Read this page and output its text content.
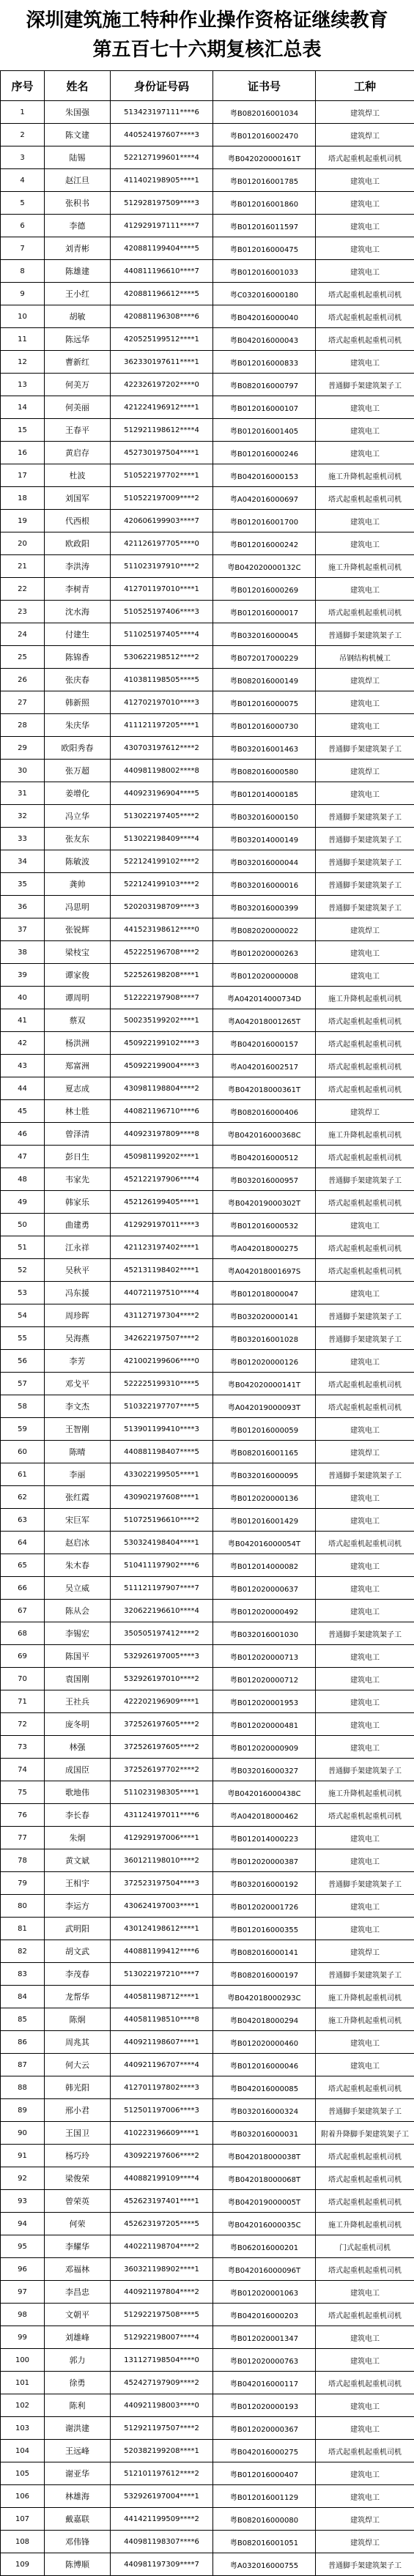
深圳建筑施工特种作业操作资格证继续教育
第五百七十六期复核汇总表
序号	姓名	身份证号码	证书号	工种
1	朱国强	513423197111****6	粤B082016001034	建筑焊工
2	陈文建	440524197607****3	粤B012016002470	建筑焊工
3	陆锡	522127199601****4	粤B042020000161T	塔式起重机起重机司机
4	赵江旦	411402198905****1	粤B012016001785	建筑电工
5	张积书	512928197509****3	粤B012016001860	建筑电工
6	李德	412929197111****7	粤B012016011597	建筑电工
7	刘青彬	420881199404****5	粤B012016000475	建筑电工
8	陈雄建	440811196610****7	粤B012016001033	建筑电工
9	王小红	420881196612****5	粤C032016000180	塔式起重机起重机司机
10	胡敏	420881196308****6	粤B042016000040	塔式起重机起重机司机
11	陈远华	420525199512****1	粤B042016000043	塔式起重机起重机司机
12	曹新红	362330197611****1	粤B012016000833	建筑电工
13	何美万	422326197202****0	粤B082016000797	普通脚手架建筑架子工
14	何美丽	421224196912****1	粤B012016000107	建筑电工
15	王春平	512921198612****4	粤B012016001405	建筑电工
16	黄启存	452730197504****1	粤B012016000246	建筑电工
17	杜波	510522197702****1	粤B042016000153	施工升降机起重机司机
18	刘国军	510522197009****2	粤A042016000697	塔式起重机起重机司机
19	代西根	420606199903****7	粤B012016001700	建筑电工
20	欧政阳	421126197705****0	粤B012016000242	建筑电工
21	李洪涛	511023197910****2	粤B042020000132C	施工升降机起重机司机
22	李树青	412701197010****1	粤B012016000269	建筑电工
23	沈水海	510525197406****3	粤B012016000017	塔式起重机起重机司机
24	付建生	511025197405****4	粤B032016000045	普通脚手架建筑架子工
25	陈锦香	530622198512****2	粤B072017000229	吊钢结构机械工
26	张庆春	410381198505****5	粤B082016000149	建筑焊工
27	韩新照	412702197010****3	粤B012016000075	建筑电工
28	朱庆华	411121197205****1	粤B012016000730	建筑电工
29	欧阳秀春	430703197612****2	粤B032016001463	普通脚手架建筑架子工
30	张万超	440981198002****8	粤B082016000580	建筑焊工
31	姜增化	440923196904****5	粤B012014000185	建筑电工
32	冯立华	513022197405****2	粤B032016000150	普通脚手架建筑架子工
33	张友东	513022198409****4	粤B032014000149	普通脚手架建筑架子工
34	陈敏波	522124199102****2	粤B032016000044	普通脚手架建筑架子工
35	龚帅	522124199103****2	粤B032016000016	普通脚手架建筑架子工
36	冯思明	520203198709****3	粤B032016000399	普通脚手架建筑架子工
37	张锐辉	441523198612****0	粤B082020000022	建筑焊工
38	梁枝宝	452225196708****2	粤B012020000263	建筑电工
39	谭家俊	522526198208****1	粤B012020000008	建筑电工
40	谭周明	512222197908****7	粤A042014000734D	施工升降机起重机司机
41	蔡双	500235199202****1	粤A042018001265T	塔式起重机起重机司机
42	杨洪洲	450922199102****3	粤B042016000157	塔式起重机起重机司机
43	郑富洲	450922199004****3	粤A042016002517	塔式起重机起重机司机
44	夏志成	430981198804****2	粤B042018000361T	塔式起重机起重机司机
45	林士胜	440821196710****6	粤B082016000406	建筑焊工
46	曾泽清	440923197809****8	粤B042016000368C	施工升降机起重机司机
47	彭日生	450981199202****1	粤B042016000512	塔式起重机起重机司机
48	韦家先	452122197906****4	粤B032016000957	普通脚手架建筑架子工
49	韩家乐	452126199405****1	粤B042019000302T	塔式起重机起重机司机
50	曲建勇	412929197011****3	粤B012016000532	建筑电工
51	江永祥	421123197402****1	粤A042018000275	塔式起重机起重机司机
52	吴秋平	452131198402****1	粤A042018001697S	塔式起重机起重机司机
53	冯东援	440721197510****4	粤B012018000047	建筑电工
54	周珍晖	431127197304****2	粤B032020000141	普通脚手架建筑架子工
55	吴海燕	342622197507****2	粤B032016001028	普通脚手架建筑架子工
56	李芳	421002199606****0	粤B012020000126	建筑电工
57	邓戈平	522225199310****5	粤B042020000141T	塔式起重机起重机司机
58	李文杰	510322197707****5	粤A042019000093T	塔式起重机起重机司机
59	王智刚	513901199410****3	粤B012016000059	建筑电工
60	陈晴	440881198407****5	粤B082016001165	建筑焊工
61	李丽	433022199505****1	粤B032016000095	普通脚手架建筑架子工
62	张红霞	430902197608****1	粤B012020000136	建筑电工
63	宋巨军	510725196610****2	粤B012016001429	建筑电工
64	赵启冰	530324198404****1	粤B042016000054T	塔式起重机起重机司机
65	朱木春	510411197902****6	粤B012014000082	建筑电工
66	吴立威	511121197907****7	粤B012020000637	建筑电工
67	陈从会	320622196610****4	粤B012020000492	建筑电工
68	李锡宏	350505197412****2	粤B032016001030	普通脚手架建筑架子工
69	陈国平	532926197005****3	粤B012020000713	建筑电工
70	袁国刚	532926197010****2	粤B012020000712	建筑电工
71	王社兵	422202196909****1	粤B012020001953	建筑电工
72	庞冬明	372526197605****2	粤B012020000481	建筑电工
73	林强	372526197605****2	粤B012020000909	建筑电工
74	成国臣	372526197702****2	粤B032016000327	普通脚手架建筑架子工
75	歌地伟	511023198305****1	粤B042016000438C	施工升降机起重机司机
76	李长春	431124197011****6	粤A042018000462	塔式起重机起重机司机
77	朱炯	412929197006****1	粤B012014000223	建筑电工
78	黄文斌	360121198010****2	粤B012020000387	建筑电工
79	王相宇	372523197504****3	粤B032016000192	普通脚手架建筑架子工
80	李运方	430624197003****1	粤B012020001726	建筑电工
81	武明阳	430124198612****1	粤B012016000355	建筑电工
82	胡文武	440881199412****6	粤B082016000141	建筑焊工
83	李茂春	513022197210****7	粤B082016000197	普通脚手架建筑架子工
84	龙帮华	440581198712****1	粤B042018000293C	施工升降机起重机司机
85	陈炯	440581198510****8	粤B042018000294	施工升降机起重机司机
86	周兆其	440921198607****1	粤B012020000460	建筑电工
87	何大云	440921196707****4	粤B012016000046	建筑电工
88	韩光阳	412701197802****3	粤B042016000085	塔式起重机起重机司机
89	邢小君	512501197006****3	粤B032016000324	普通脚手架建筑架子工
90	王国卫	410223196609****1	粤B032016000031	附着升降脚手架建筑架子工
91	杨巧玲	430922197606****2	粤B042018000038T	塔式起重机起重机司机
92	梁俊荣	440882199109****4	粤B042018000068T	塔式起重机起重机司机
93	曾荣英	452623197401****1	粤B042019000005T	塔式起重机起重机司机
94	何荣	452623197205****5	粤B042016000035C	施工升降机起重机司机
95	李耀华	440221198704****2	粤B062016000201	门式起重机司机
96	邓福林	360321198902****1	粤B042016000096T	塔式起重机起重机司机
97	李昌忠	440921197804****2	粤B012020001063	建筑电工
98	文朝平	512922197508****5	粤B042016000203	塔式起重机起重机司机
99	刘雄峰	512922198007****4	粤B012020001347	建筑电工
100	郭力	131127198504****0	粤B012020000763	建筑电工
101	徐勇	452427197909****2	粤B042016000117	塔式起重机起重机司机
102	陈利	440921198003****0	粤B012020000193	建筑电工
103	谢洪建	512921197507****2	粤B012020000367	建筑电工
104	王远峰	520382199208****1	粤B042016000275	塔式起重机起重机司机
105	谢亚华	512101197612****2	粤B012016000407	建筑电工
106	林雄海	532926197004****1	粤B012016001129	建筑电工
107	戴嘉联	441421199509****2	粤B082016000080	建筑焊工
108	邓伟锋	440981198307****6	粤B082016001051	建筑焊工
109	陈博顺	440981197309****7	粤A032016000755	普通脚手架建筑架子工
